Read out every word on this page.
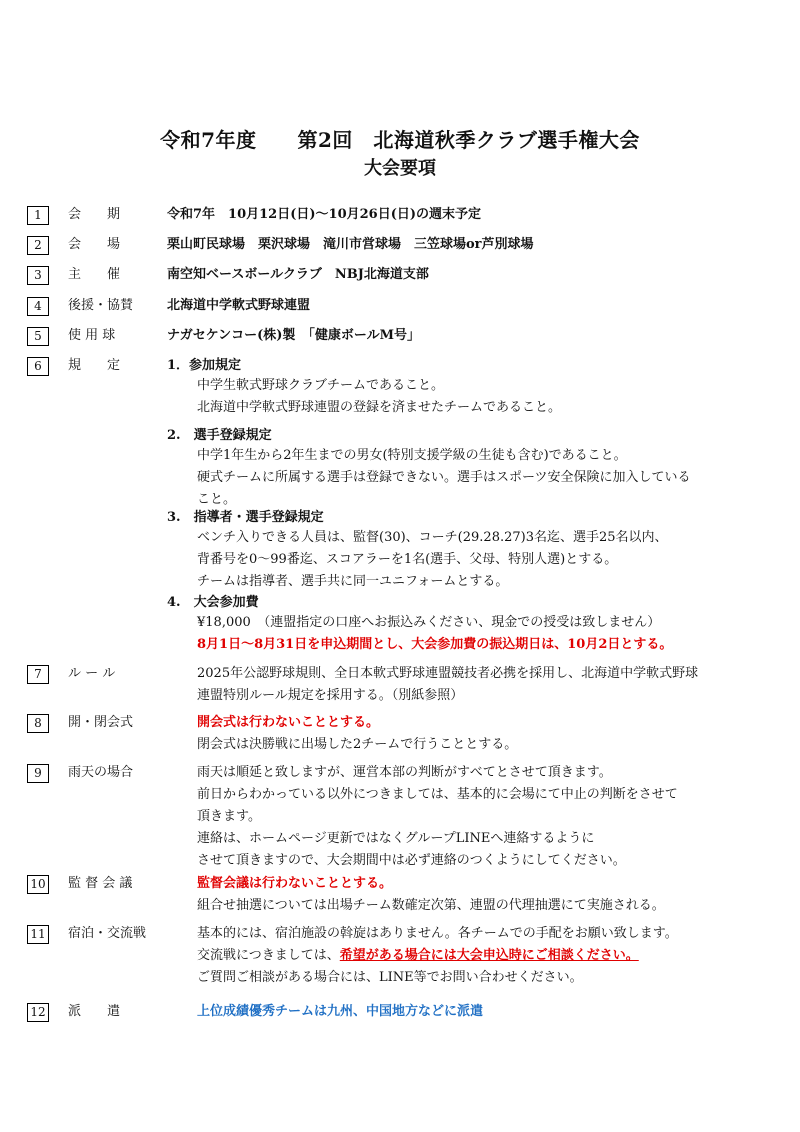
令和7年度　　第2回　北海道秋季クラブ選手権大会
大会要項
1	会　　期	令和7年　10月12日(日)～10月26日(日)の週末予定
2	会　　場	栗山町民球場　栗沢球場　滝川市営球場　三笠球場or芦別球場
3	主　　催	南空知ベースボールクラブ　NBJ北海道支部
4	後援・協賛	北海道中学軟式野球連盟
5	使 用 球	ナガセケンコー(株)製　「健康ボールM号」
6	規　　定	1．参加規定
中学生軟式野球クラブチームであること。
北海道中学軟式野球連盟の登録を済ませたチームであること。
2.　選手登録規定
中学1年生から2年生までの男女(特別支援学級の生徒も含む)であること。
硬式チームに所属する選手は登録できない。選手はスポーツ安全保険に加入している
こと。
3.　指導者・選手登録規定
ベンチ入りできる人員は、監督(30)、コーチ(29.28.27)3名迄、選手25名以内、
背番号を0～99番迄、スコアラーを1名(選手、父母、特別人選)とする。
チームは指導者、選手共に同一ユニフォームとする。
4.　大会参加費
¥18,000　（連盟指定の口座へお振込みください、現金での授受は致しません）
8月1日～8月31日を申込期間とし、大会参加費の振込期日は、10月2日とする。
7	ル ー ル	2025年公認野球規則、全日本軟式野球連盟競技者必携を採用し、北海道中学軟式野球
連盟特別ルール規定を採用する。（別紙参照）
8	開・閉会式	開会式は行わないこととする。
閉会式は決勝戦に出場した2チームで行うこととする。
9	雨天の場合	雨天は順延と致しますが、運営本部の判断がすべてとさせて頂きます。
前日からわかっている以外につきましては、基本的に会場にて中止の判断をさせて
頂きます。
連絡は、ホームページ更新ではなくグループLINEへ連絡するように
させて頂きますので、大会期間中は必ず連絡のつくようにしてください。
10 監 督 会 議	監督会議は行わないこととする。
組合せ抽選については出場チーム数確定次第、連盟の代理抽選にて実施される。
11 宿泊・交流戦	基本的には、宿泊施設の斡旋はありません。各チームでの手配をお願い致します。
交流戦につきましては、希望がある場合には大会申込時にご相談ください。
ご質問ご相談がある場合には、LINE等でお問い合わせください。
12 派　　遣	上位成績優秀チームは九州、中国地方などに派遣
